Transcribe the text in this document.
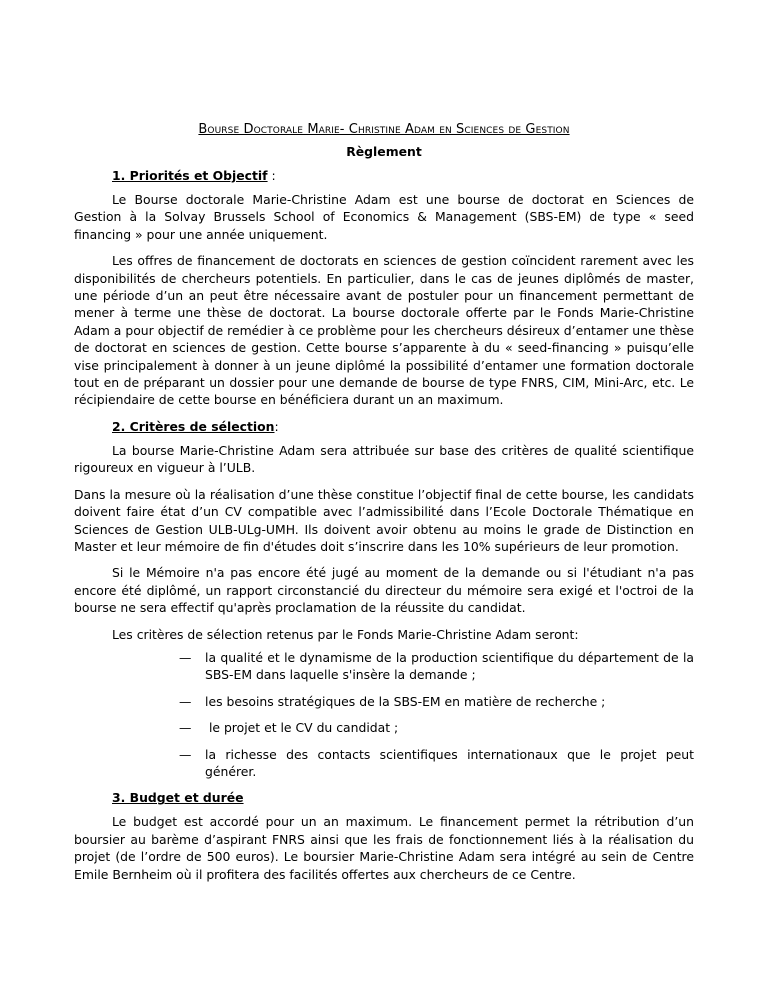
Bourse Doctorale Marie- Christine Adam en Sciences de Gestion
Règlement
1. Priorités et Objectif :

Le Bourse doctorale Marie-Christine Adam est une bourse de doctorat en Sciences de Gestion à la Solvay Brussels School of Economics & Management (SBS-EM) de type « seed financing » pour une année uniquement.

Les offres de financement de doctorats en sciences de gestion coïncident rarement avec les disponibilités de chercheurs potentiels. En particulier, dans le cas de jeunes diplômés de master, une période d’un an peut être nécessaire avant de postuler pour un financement permettant de mener à terme une thèse de doctorat. La bourse doctorale offerte par le Fonds Marie-Christine Adam a pour objectif de remédier à ce problème pour les chercheurs désireux d’entamer une thèse de doctorat en sciences de gestion. Cette bourse s’apparente à du « seed-financing » puisqu’elle vise principalement à donner à un jeune diplômé la possibilité d’entamer une formation doctorale tout en de préparant un dossier pour une demande de bourse de type FNRS, CIM, Mini-Arc, etc. Le récipiendaire de cette bourse en bénéficiera durant un an maximum.

2. Critères de sélection:

La bourse Marie-Christine Adam sera attribuée sur base des critères de qualité scientifique rigoureux en vigueur à l’ULB.

Dans la mesure où la réalisation d’une thèse constitue l’objectif final de cette bourse, les candidats doivent faire état d’un CV compatible avec l’admissibilité dans l’Ecole Doctorale Thématique en Sciences de Gestion ULB-ULg-UMH. Ils doivent avoir obtenu au moins le grade de Distinction en Master et leur mémoire de fin d'études doit s’inscrire dans les 10% supérieurs de leur promotion.

Si le Mémoire n'a pas encore été jugé au moment de la demande ou si l'étudiant n'a pas encore été diplômé, un rapport circonstancié du directeur du mémoire sera exigé et l'octroi de la bourse ne sera effectif qu'après proclamation de la réussite du candidat.

Les critères de sélection retenus par le Fonds Marie-Christine Adam seront:

— la qualité et le dynamisme de la production scientifique du département de la SBS-EM dans laquelle s'insère la demande ;
— les besoins stratégiques de la SBS-EM en matière de recherche ;
— le projet et le CV du candidat ;
— la richesse des contacts scientifiques internationaux que le projet peut générer.
3. Budget et durée

Le budget est accordé pour un an maximum. Le financement permet la rétribution d’un boursier au barème d’aspirant FNRS ainsi que les frais de fonctionnement liés à la réalisation du projet (de l’ordre de 500 euros). Le boursier Marie-Christine Adam sera intégré au sein de Centre Emile Bernheim où il profitera des facilités offertes aux chercheurs de ce Centre.
